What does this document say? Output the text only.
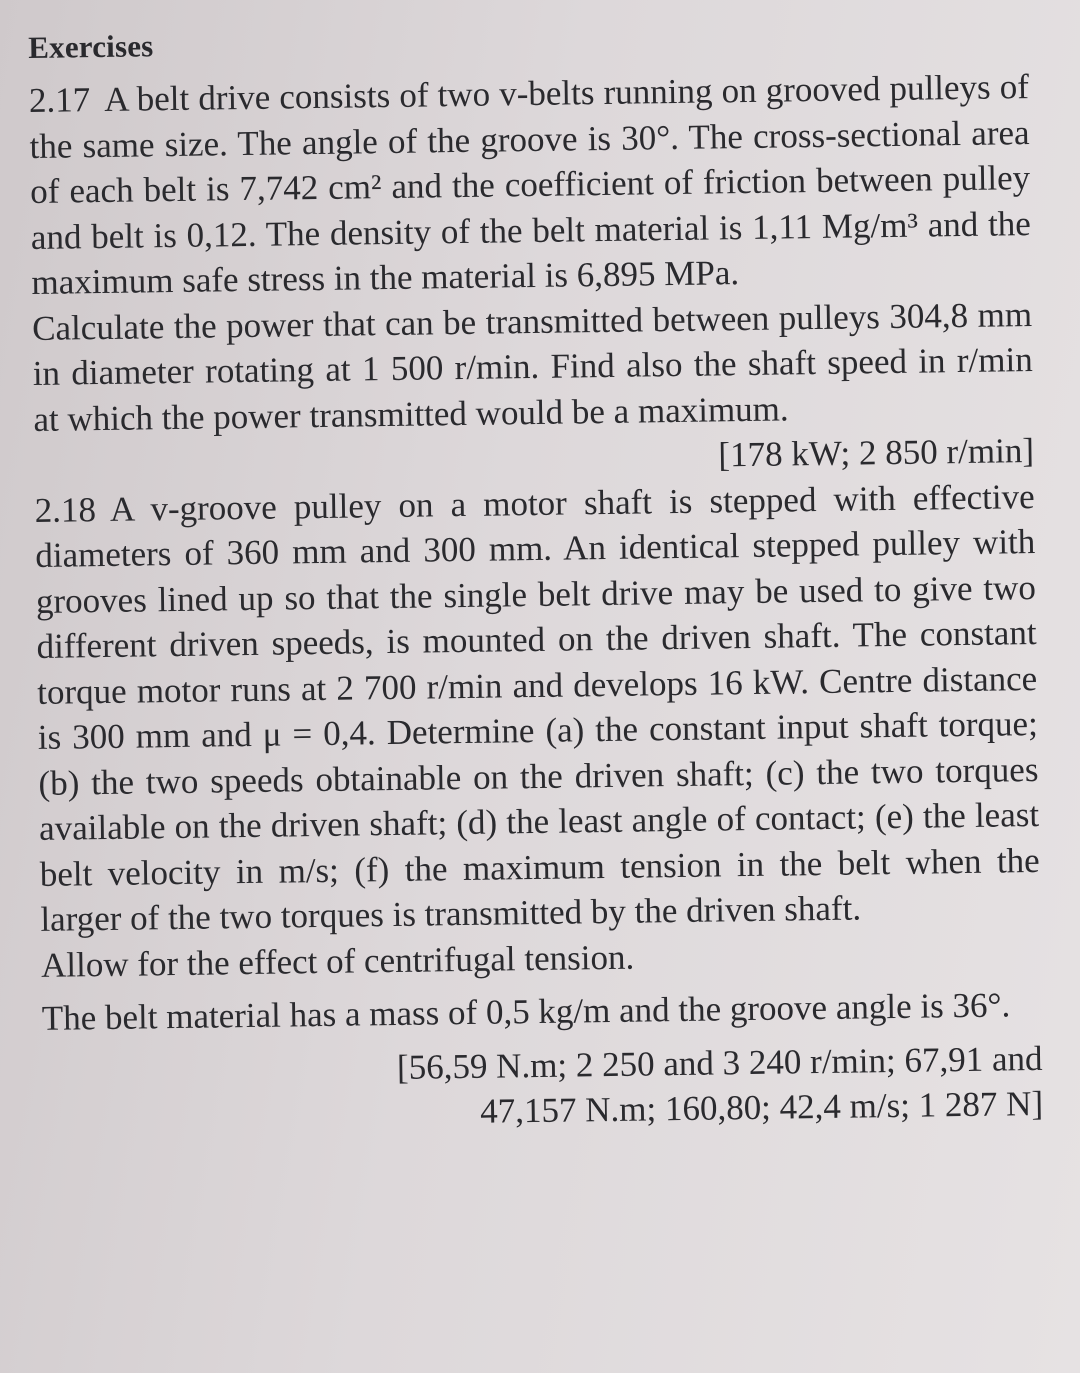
Exercises

2.17 A belt drive consists of two v-belts running on grooved pulleys of the same size. The angle of the groove is 30°. The cross-sectional area of each belt is 7,742 cm² and the coefficient of friction between pulley and belt is 0,12. The density of the belt material is 1,11 Mg/m³ and the maximum safe stress in the material is 6,895 MPa.

Calculate the power that can be transmitted between pulleys 304,8 mm in diameter rotating at 1 500 r/min. Find also the shaft speed in r/min at which the power transmitted would be a maximum.
[178 kW; 2 850 r/min]

2.18 A v-groove pulley on a motor shaft is stepped with effective diameters of 360 mm and 300 mm. An identical stepped pulley with grooves lined up so that the single belt drive may be used to give two different driven speeds, is mounted on the driven shaft. The constant torque motor runs at 2 700 r/min and develops 16 kW. Centre distance is 300 mm and μ = 0,4. Determine (a) the constant input shaft torque; (b) the two speeds obtainable on the driven shaft; (c) the two torques available on the driven shaft; (d) the least angle of contact; (e) the least belt velocity in m/s; (f) the maximum tension in the belt when the larger of the two torques is transmitted by the driven shaft.

Allow for the effect of centrifugal tension.

The belt material has a mass of 0,5 kg/m and the groove angle is 36°.

[56,59 N.m; 2 250 and 3 240 r/min; 67,91 and
47,157 N.m; 160,80; 42,4 m/s; 1 287 N]
